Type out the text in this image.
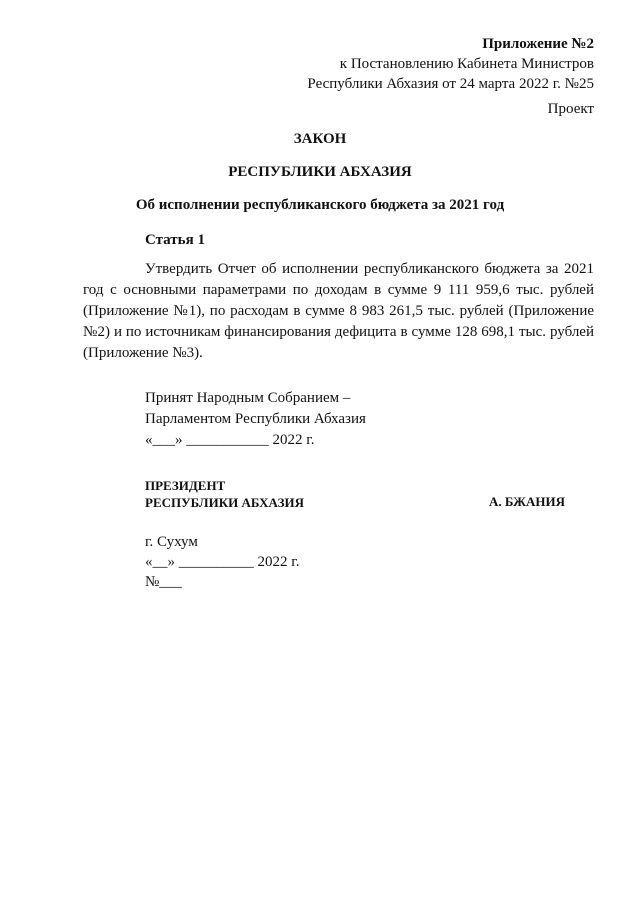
Приложение №2
к Постановлению Кабинета Министров
Республики Абхазия от 24 марта 2022 г. №25
Проект
ЗАКОН
РЕСПУБЛИКИ АБХАЗИЯ
Об исполнении республиканского бюджета за 2021 год
Статья 1
Утвердить Отчет об исполнении республиканского бюджета за 2021 год с основными параметрами по доходам в сумме 9 111 959,6 тыс. рублей (Приложение №1), по расходам в сумме 8 983 261,5 тыс. рублей (Приложение №2) и по источникам финансирования дефицита в сумме 128 698,1 тыс. рублей (Приложение №3).
Принят Народным Собранием –
Парламентом Республики Абхазия
«___» ___________ 2022 г.
ПРЕЗИДЕНТ
РЕСПУБЛИКИ АБХАЗИЯ	А. БЖАНИЯ
г. Сухум
«__» __________ 2022 г.
№___
